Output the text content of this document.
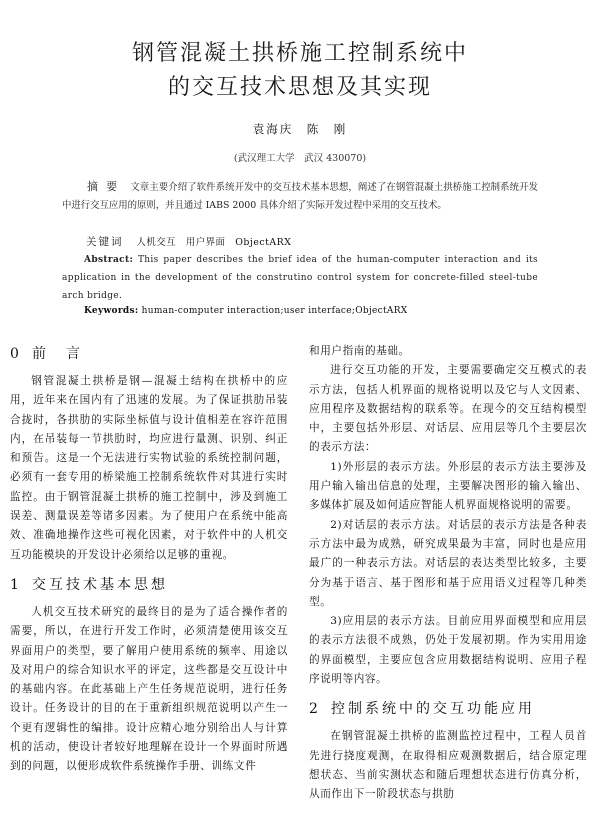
钢管混凝土拱桥施工控制系统中
的交互技术思想及其实现
袁海庆　陈　刚
(武汉理工大学　武汉 430070)
摘要 文章主要介绍了软件系统开发中的交互技术基本思想，阐述了在钢管混凝土拱桥施工控制系统开发中进行交互应用的原则，并且通过 IABS 2000 具体介绍了实际开发过程中采用的交互技术。
关键词 人机交互　用户界面　ObjectARX
Abstract: This paper describes the brief idea of the human-computer interaction and its application in the development of the construtino control system for concrete-filled steel-tube arch bridge.
Keywords: human-computer interaction;user interface;ObjectARX
0 前　言

钢管混凝土拱桥是钢—混凝土结构在拱桥中的应用，近年来在国内有了迅速的发展。为了保证拱肋吊装合拢时，各拱肋的实际坐标值与设计值相差在容许范围内，在吊装每一节拱肋时，均应进行量测、识别、纠正和预告。这是一个无法进行实物试验的系统控制问题，必须有一套专用的桥梁施工控制系统软件对其进行实时监控。由于钢管混凝土拱桥的施工控制中，涉及到施工误差、测量误差等诸多因素。为了使用户在系统中能高效、准确地操作这些可视化因素，对于软件中的人机交互功能模块的开发设计必须给以足够的重视。

1 交互技术基本思想

人机交互技术研究的最终目的是为了适合操作者的需要，所以，在进行开发工作时，必须清楚使用该交互界面用户的类型，要了解用户使用系统的频率、用途以及对用户的综合知识水平的评定，这些都是交互设计中的基础内容。在此基础上产生任务规范说明，进行任务设计。任务设计的目的在于重新组织规范说明以产生一个更有逻辑性的编排。设计应精心地分别给出人与计算机的活动，使设计者较好地理解在设计一个界面时所遇到的问题，以便形成软件系统操作手册、训练文件

和用户指南的基础。

进行交互功能的开发，主要需要确定交互模式的表示方法，包括人机界面的规格说明以及它与人文因素、应用程序及数据结构的联系等。在现今的交互结构模型中，主要包括外形层、对话层、应用层等几个主要层次的表示方法：

1)外形层的表示方法。外形层的表示方法主要涉及用户输入输出信息的处理，主要解决图形的输入输出、多媒体扩展及如何适应智能人机界面规格说明的需要。

2)对话层的表示方法。对话层的表示方法是各种表示方法中最为成熟，研究成果最为丰富，同时也是应用最广的一种表示方法。对话层的表达类型比较多，主要分为基于语言、基于图形和基于应用语义过程等几种类型。

3)应用层的表示方法。目前应用界面模型和应用层的表示方法很不成熟，仍处于发展初期。作为实用用途的界面模型，主要应包含应用数据结构说明、应用子程序说明等内容。

2 控制系统中的交互功能应用

在钢管混凝土拱桥的监测监控过程中，工程人员首先进行挠度观测，在取得相应观测数据后，结合原定理想状态、当前实测状态和随后理想状态进行仿真分析，从而作出下一阶段状态与拱肋
